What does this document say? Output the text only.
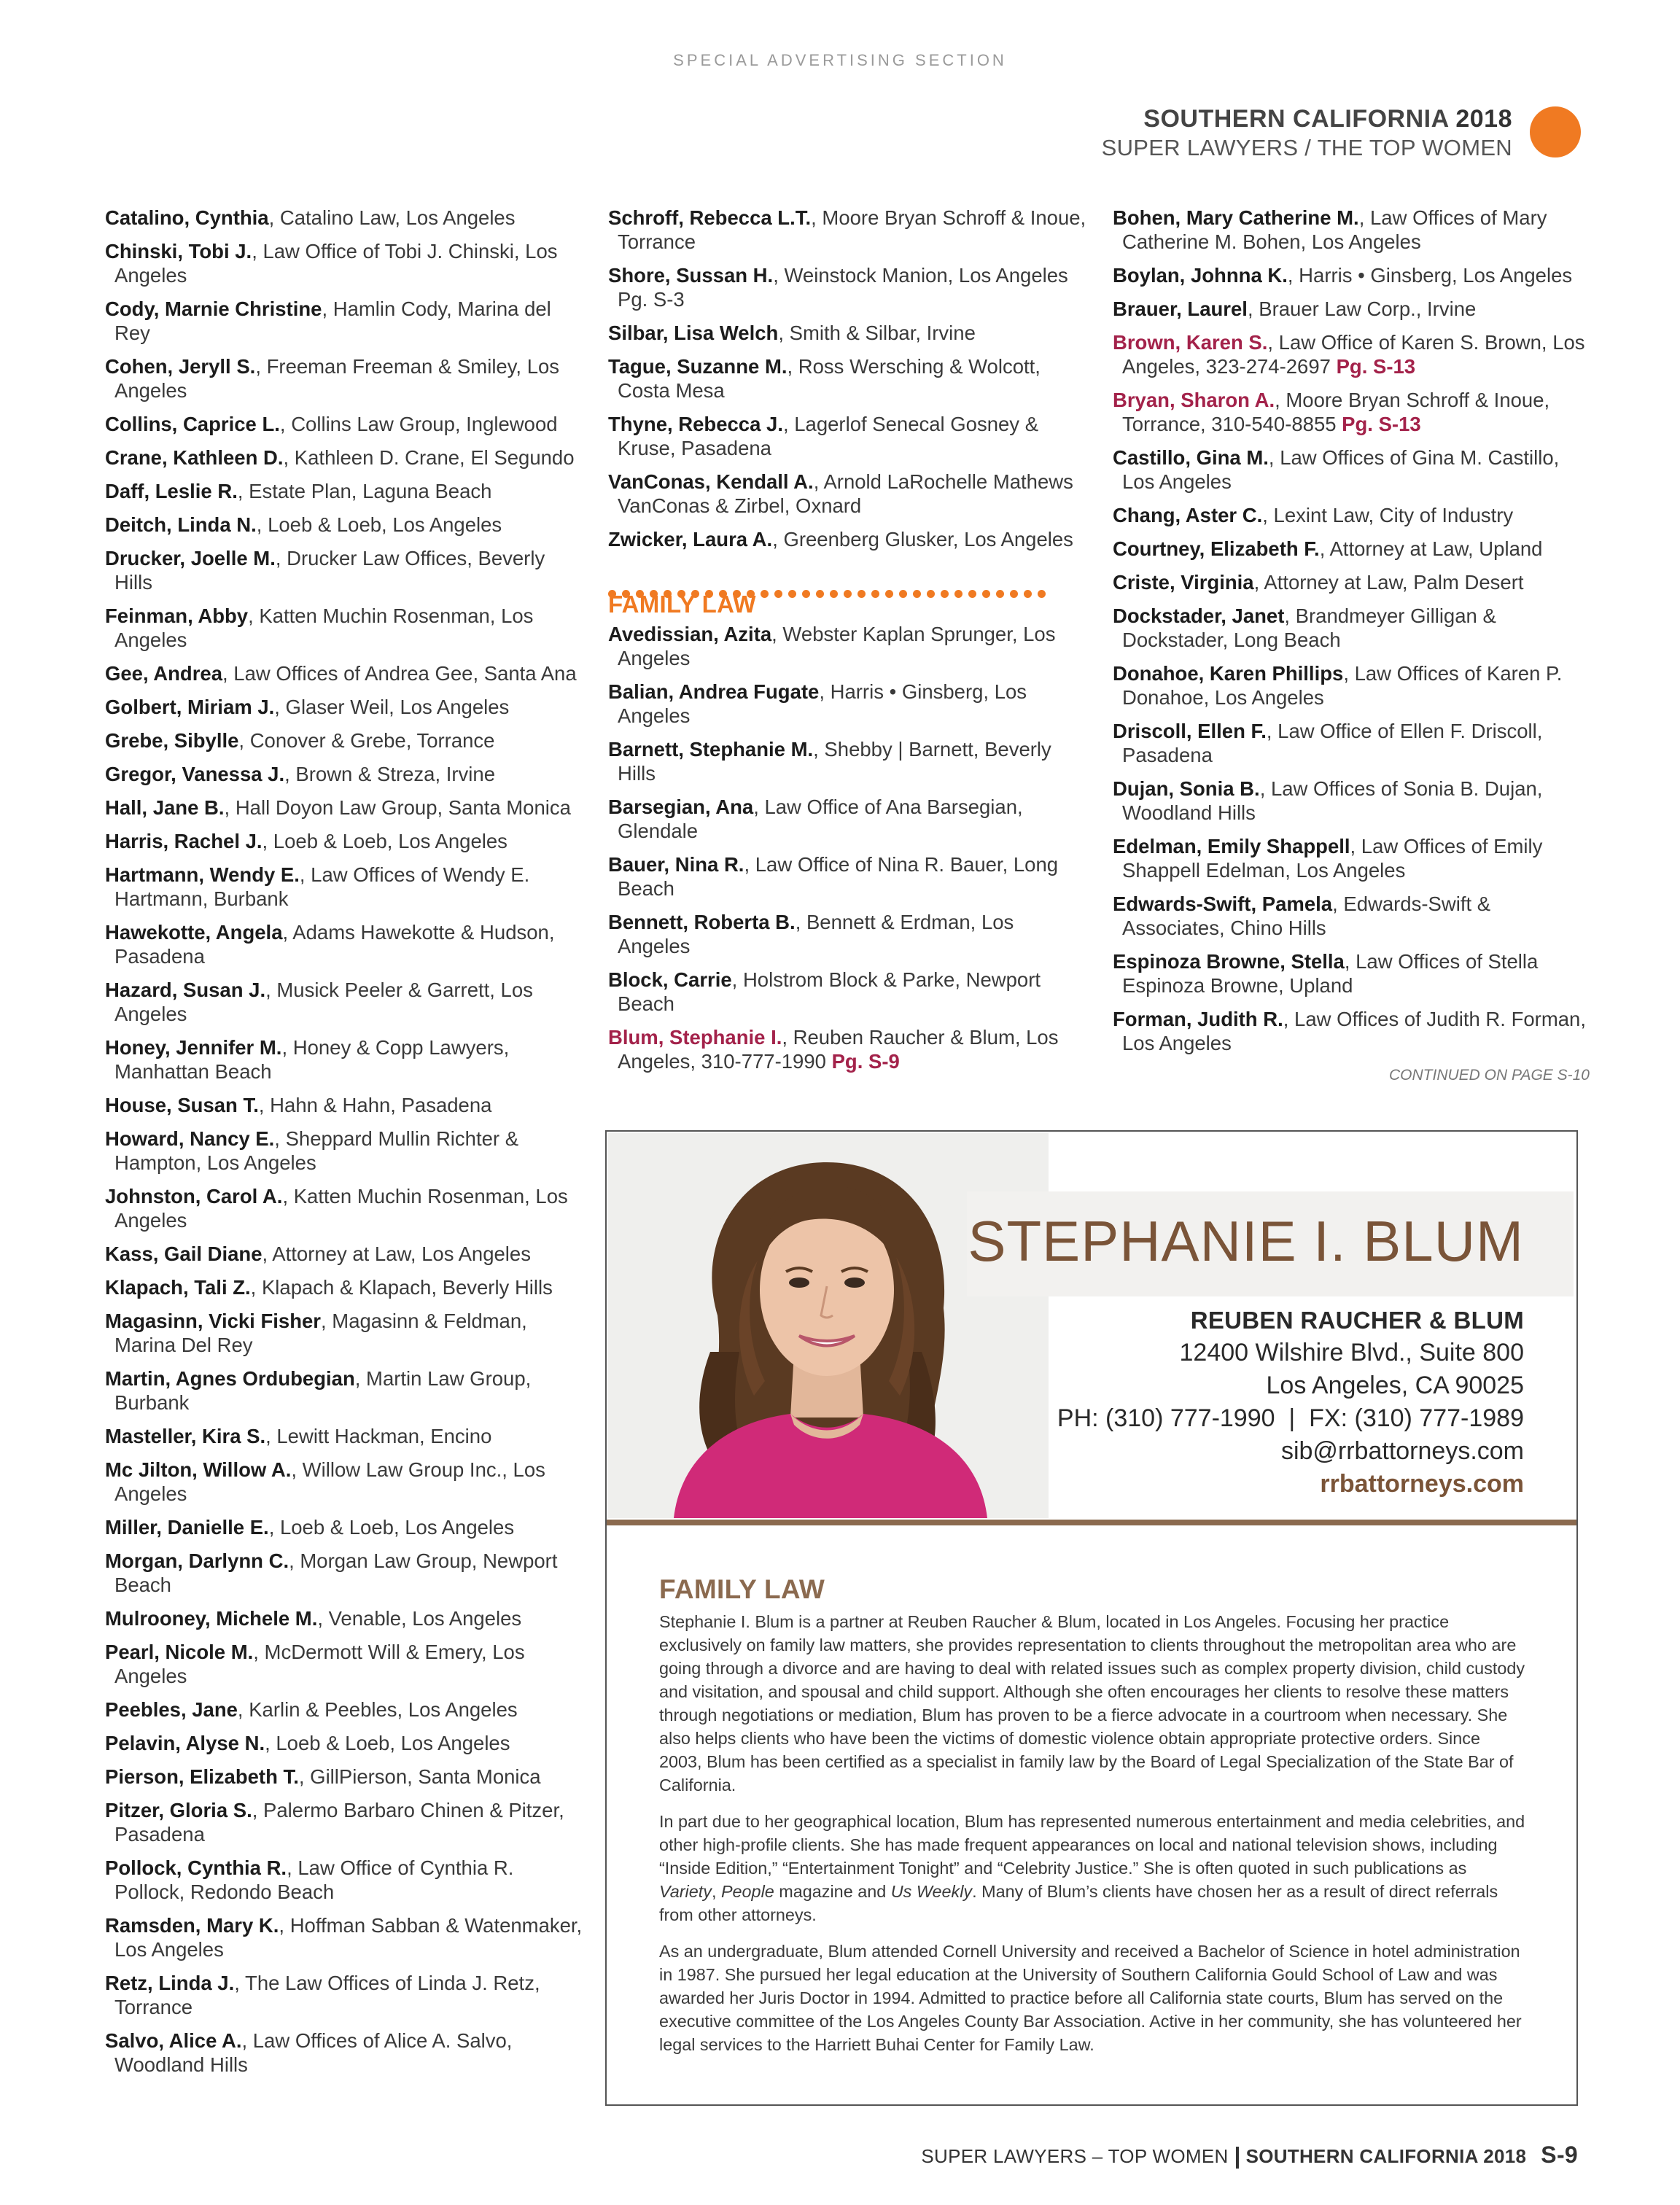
SPECIAL ADVERTISING SECTION
SOUTHERN CALIFORNIA 2018
SUPER LAWYERS / THE TOP WOMEN
Catalino, Cynthia, Catalino Law, Los Angeles
Chinski, Tobi J., Law Office of Tobi J. Chinski, Los Angeles
Cody, Marnie Christine, Hamlin Cody, Marina del Rey
Cohen, Jeryll S., Freeman Freeman & Smiley, Los Angeles
Collins, Caprice L., Collins Law Group, Inglewood
Crane, Kathleen D., Kathleen D. Crane, El Segundo
Daff, Leslie R., Estate Plan, Laguna Beach
Deitch, Linda N., Loeb & Loeb, Los Angeles
Drucker, Joelle M., Drucker Law Offices, Beverly Hills
Feinman, Abby, Katten Muchin Rosenman, Los Angeles
Gee, Andrea, Law Offices of Andrea Gee, Santa Ana
Golbert, Miriam J., Glaser Weil, Los Angeles
Grebe, Sibylle, Conover & Grebe, Torrance
Gregor, Vanessa J., Brown & Streza, Irvine
Hall, Jane B., Hall Doyon Law Group, Santa Monica
Harris, Rachel J., Loeb & Loeb, Los Angeles
Hartmann, Wendy E., Law Offices of Wendy E. Hartmann, Burbank
Hawekotte, Angela, Adams Hawekotte & Hudson, Pasadena
Hazard, Susan J., Musick Peeler & Garrett, Los Angeles
Honey, Jennifer M., Honey & Copp Lawyers, Manhattan Beach
House, Susan T., Hahn & Hahn, Pasadena
Howard, Nancy E., Sheppard Mullin Richter & Hampton, Los Angeles
Johnston, Carol A., Katten Muchin Rosenman, Los Angeles
Kass, Gail Diane, Attorney at Law, Los Angeles
Klapach, Tali Z., Klapach & Klapach, Beverly Hills
Magasinn, Vicki Fisher, Magasinn & Feldman, Marina Del Rey
Martin, Agnes Ordubegian, Martin Law Group, Burbank
Masteller, Kira S., Lewitt Hackman, Encino
Mc Jilton, Willow A., Willow Law Group Inc., Los Angeles
Miller, Danielle E., Loeb & Loeb, Los Angeles
Morgan, Darlynn C., Morgan Law Group, Newport Beach
Mulrooney, Michele M., Venable, Los Angeles
Pearl, Nicole M., McDermott Will & Emery, Los Angeles
Peebles, Jane, Karlin & Peebles, Los Angeles
Pelavin, Alyse N., Loeb & Loeb, Los Angeles
Pierson, Elizabeth T., GillPierson, Santa Monica
Pitzer, Gloria S., Palermo Barbaro Chinen & Pitzer, Pasadena
Pollock, Cynthia R., Law Office of Cynthia R. Pollock, Redondo Beach
Ramsden, Mary K., Hoffman Sabban & Watenmaker, Los Angeles
Retz, Linda J., The Law Offices of Linda J. Retz, Torrance
Salvo, Alice A., Law Offices of Alice A. Salvo, Woodland Hills
Schroff, Rebecca L.T., Moore Bryan Schroff & Inoue, Torrance
Shore, Sussan H., Weinstock Manion, Los Angeles Pg. S-3
Silbar, Lisa Welch, Smith & Silbar, Irvine
Tague, Suzanne M., Ross Wersching & Wolcott, Costa Mesa
Thyne, Rebecca J., Lagerlof Senecal Gosney & Kruse, Pasadena
VanConas, Kendall A., Arnold LaRochelle Mathews VanConas & Zirbel, Oxnard
Zwicker, Laura A., Greenberg Glusker, Los Angeles
FAMILY LAW
Avedissian, Azita, Webster Kaplan Sprunger, Los Angeles
Balian, Andrea Fugate, Harris • Ginsberg, Los Angeles
Barnett, Stephanie M., Shebby | Barnett, Beverly Hills
Barsegian, Ana, Law Office of Ana Barsegian, Glendale
Bauer, Nina R., Law Office of Nina R. Bauer, Long Beach
Bennett, Roberta B., Bennett & Erdman, Los Angeles
Block, Carrie, Holstrom Block & Parke, Newport Beach
Blum, Stephanie I., Reuben Raucher & Blum, Los Angeles, 310-777-1990 Pg. S-9
Bohen, Mary Catherine M., Law Offices of Mary Catherine M. Bohen, Los Angeles
Boylan, Johnna K., Harris • Ginsberg, Los Angeles
Brauer, Laurel, Brauer Law Corp., Irvine
Brown, Karen S., Law Office of Karen S. Brown, Los Angeles, 323-274-2697 Pg. S-13
Bryan, Sharon A., Moore Bryan Schroff & Inoue, Torrance, 310-540-8855 Pg. S-13
Castillo, Gina M., Law Offices of Gina M. Castillo, Los Angeles
Chang, Aster C., Lexint Law, City of Industry
Courtney, Elizabeth F., Attorney at Law, Upland
Criste, Virginia, Attorney at Law, Palm Desert
Dockstader, Janet, Brandmeyer Gilligan & Dockstader, Long Beach
Donahoe, Karen Phillips, Law Offices of Karen P. Donahoe, Los Angeles
Driscoll, Ellen F., Law Office of Ellen F. Driscoll, Pasadena
Dujan, Sonia B., Law Offices of Sonia B. Dujan, Woodland Hills
Edelman, Emily Shappell, Law Offices of Emily Shappell Edelman, Los Angeles
Edwards-Swift, Pamela, Edwards-Swift & Associates, Chino Hills
Espinoza Browne, Stella, Law Offices of Stella Espinoza Browne, Upland
Forman, Judith R., Law Offices of Judith R. Forman, Los Angeles
CONTINUED ON PAGE S-10
STEPHANIE I. BLUM
REUBEN RAUCHER & BLUM
12400 Wilshire Blvd., Suite 800
Los Angeles, CA 90025
PH: (310) 777-1990  |  FX: (310) 777-1989
sib@rrbattorneys.com
rrbattorneys.com
FAMILY LAW

Stephanie I. Blum is a partner at Reuben Raucher & Blum, located in Los Angeles. Focusing her practice exclusively on family law matters, she provides representation to clients throughout the metropolitan area who are going through a divorce and are having to deal with related issues such as complex property division, child custody and visitation, and spousal and child support. Although she often encourages her clients to resolve these matters through negotiations or mediation, Blum has proven to be a fierce advocate in a courtroom when necessary. She also helps clients who have been the victims of domestic violence obtain appropriate protective orders. Since 2003, Blum has been certified as a specialist in family law by the Board of Legal Specialization of the State Bar of California.

In part due to her geographical location, Blum has represented numerous entertainment and media celebrities, and other high-profile clients. She has made frequent appearances on local and national television shows, including “Inside Edition,” “Entertainment Tonight” and “Celebrity Justice.” She is often quoted in such publications as Variety, People magazine and Us Weekly. Many of Blum’s clients have chosen her as a result of direct referrals from other attorneys.

As an undergraduate, Blum attended Cornell University and received a Bachelor of Science in hotel administration in 1987. She pursued her legal education at the University of Southern California Gould School of Law and was awarded her Juris Doctor in 1994. Admitted to practice before all California state courts, Blum has served on the executive committee of the Los Angeles County Bar Association. Active in her community, she has volunteered her legal services to the Harriett Buhai Center for Family Law.

SUPER LAWYERS – TOP WOMEN SOUTHERN CALIFORNIA 2018 S-9
